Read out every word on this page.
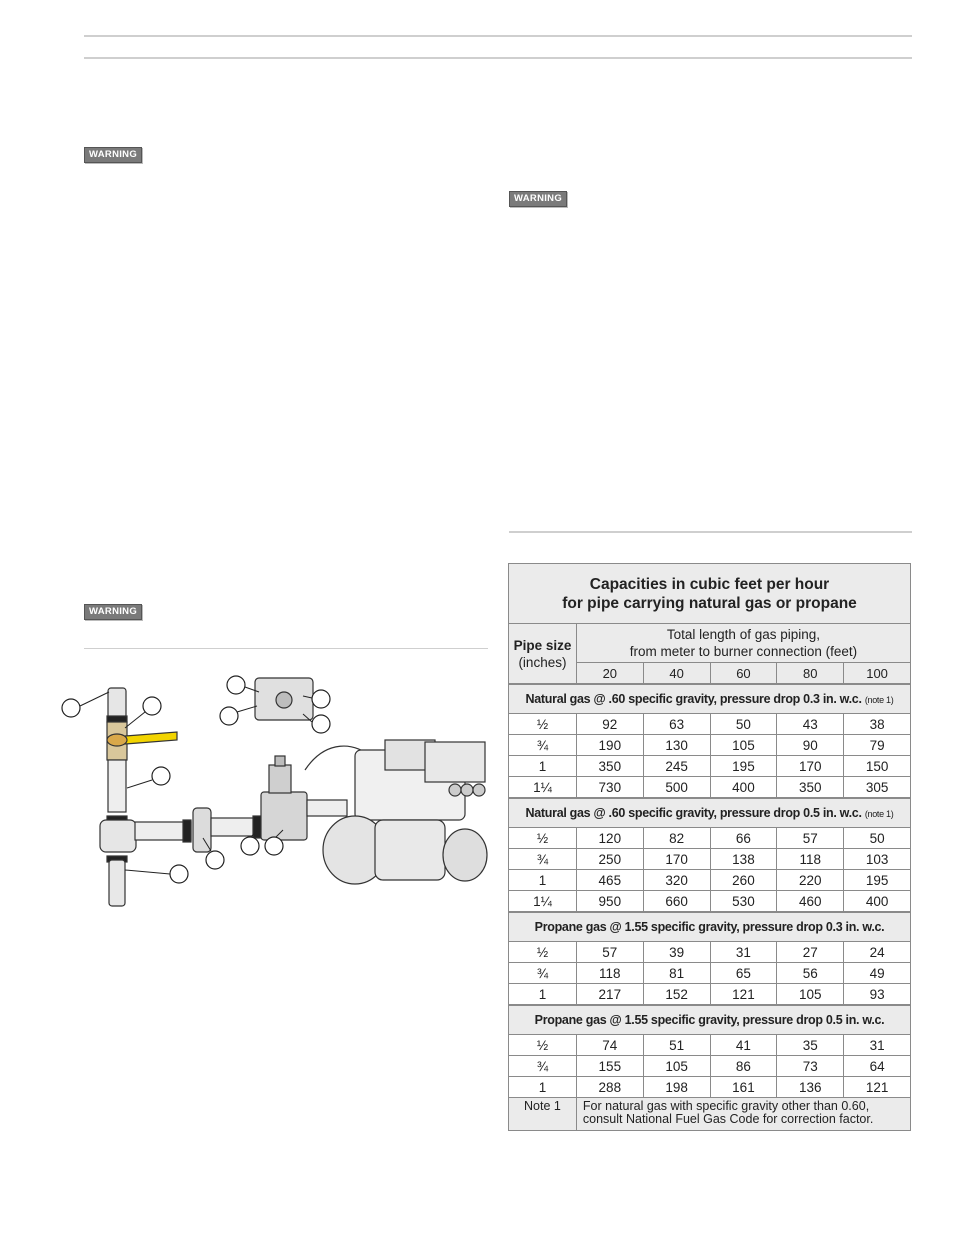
WARNING
WARNING
WARNING
Capacities in cubic feet per hour
for pipe carrying natural gas or propane					

Pipe size
(inches)	Total length of gas piping,
from meter to burner connection (feet)				

	20	40	60	80	100
Natural gas @ .60 specific gravity, pressure drop 0.3 in. w.c. (note 1)					
½	92	63	50	43	38
¾	190	130	105	90	79
1	350	245	195	170	150
1¼	730	500	400	350	305
Natural gas @ .60 specific gravity, pressure drop 0.5 in. w.c. (note 1)					
½	120	82	66	57	50
¾	250	170	138	118	103
1	465	320	260	220	195
1¼	950	660	530	460	400
Propane gas @ 1.55 specific gravity, pressure drop 0.3 in. w.c.					
½	57	39	31	27	24
¾	118	81	65	56	49
1	217	152	121	105	93
Propane gas @ 1.55 specific gravity, pressure drop 0.5 in. w.c.					
½	74	51	41	35	31
¾	155	105	86	73	64
1	288	198	161	136	121
Note 1	For natural gas with specific gravity other than 0.60,
consult National Fuel Gas Code for correction factor.				
